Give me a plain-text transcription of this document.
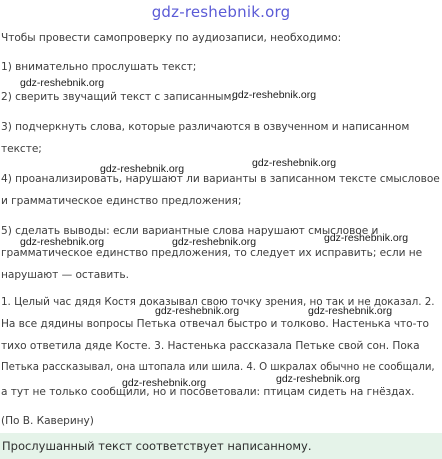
gdz-reshebnik.org
Чтобы провести самопроверку по аудиозаписи, необходимо:
1) внимательно прослушать текст;
2) сверить звучащий текст с записанным;
3) подчеркнуть слова, которые различаются в озвученном и написанном
тексте;
4) проанализировать, нарушают ли варианты в записанном тексте смысловое
и грамматическое единство предложения;
5) сделать выводы: если вариантные слова нарушают смысловое и
грамматическое единство предложения, то следует их исправить; если не
нарушают — оставить.
1. Целый час дядя Костя доказывал свою точку зрения, но так и не доказал. 2.
На все дядины вопросы Петька отвечал быстро и толково. Настенька что-то
тихо ответила дяде Косте. 3. Настенька рассказала Петьке свой сон. Пока
Петька рассказывал, она штопала или шила. 4. О шкралах обычно не сообщали,
а тут не только сообщили, но и посоветовали: птицам сидеть на гнёздах.
(По В. Каверину)
Прослушанный текст соответствует написанному.
gdz-reshebnik.org
gdz-reshebnik.org
gdz-reshebnik.org	gdz-reshebnik.org
gdz-reshebnik.org	gdz-reshebnik.org	gdz-reshebnik.org
gdz-reshebnik.org	gdz-reshebnik.org
gdz-reshebnik.org	gdz-reshebnik.org
